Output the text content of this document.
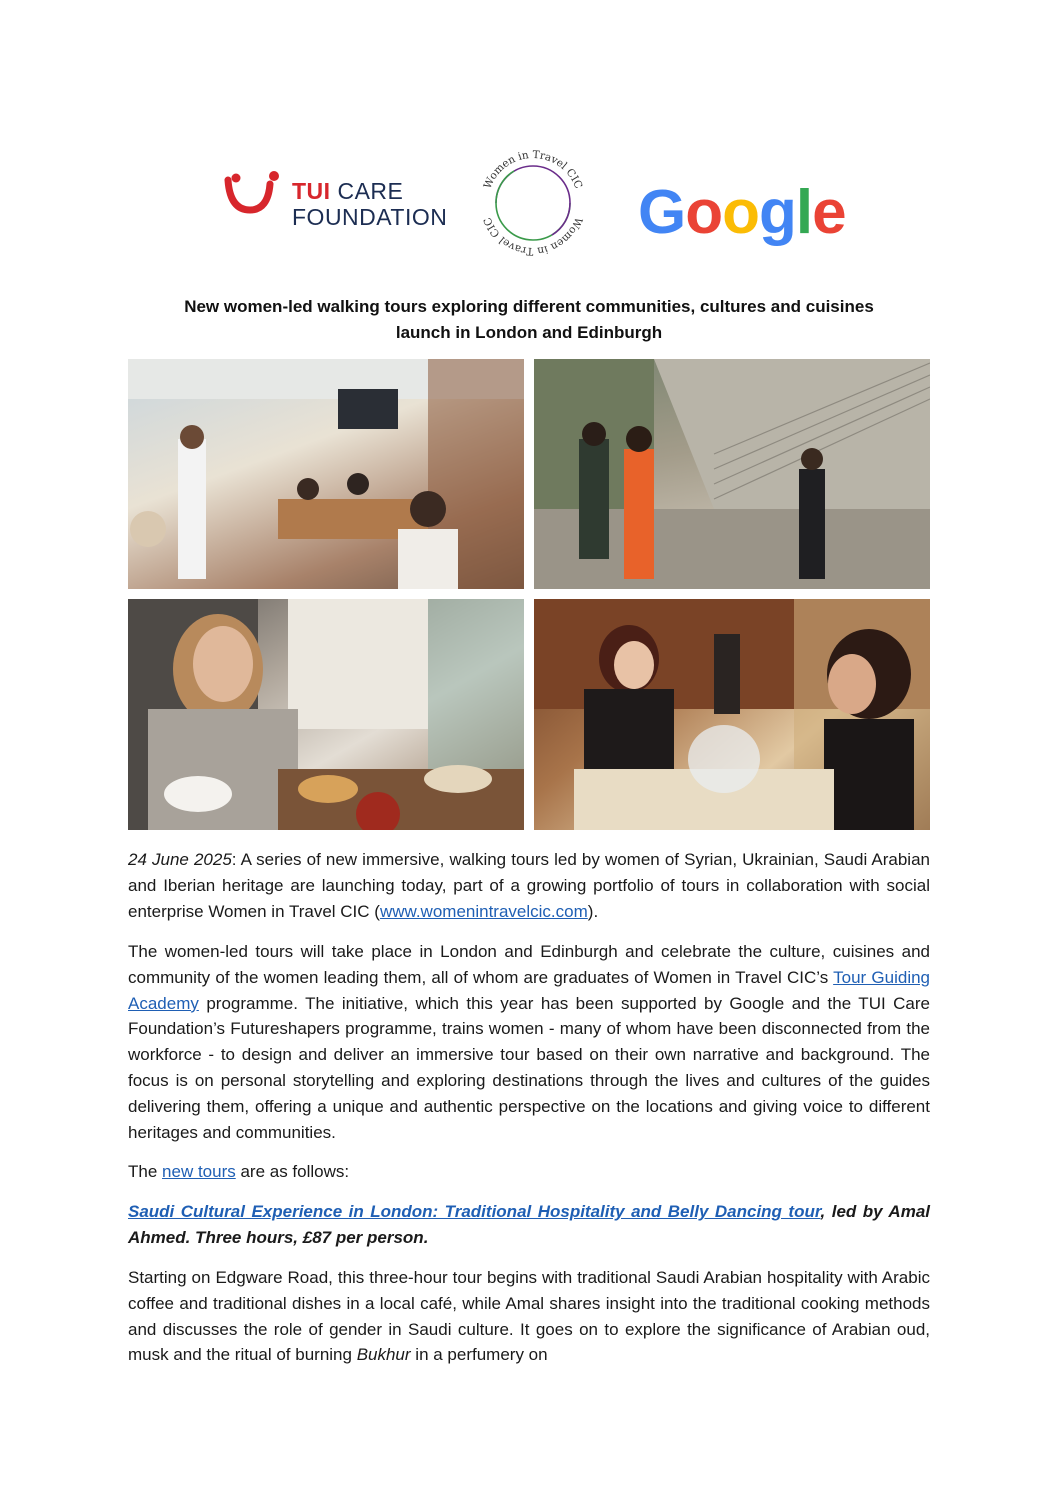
TUI CARE
FOUNDATION
Women in Travel CIC
Women in Travel CIC	Google
New women-led walking tours exploring different communities, cultures and cuisines
launch in London and Edinburgh
24 June 2025: A series of new immersive, walking tours led by women of Syrian, Ukrainian, Saudi Arabian and Iberian heritage are launching today, part of a growing portfolio of tours in collaboration with social enterprise Women in Travel CIC (www.womenintravelcic.com).
The women-led tours will take place in London and Edinburgh and celebrate the culture, cuisines and community of the women leading them, all of whom are graduates of Women in Travel CIC’s Tour Guiding Academy programme. The initiative, which this year has been supported by Google and the TUI Care Foundation’s Futureshapers programme, trains women - many of whom have been disconnected from the workforce - to design and deliver an immersive tour based on their own narrative and background. The focus is on personal storytelling and exploring destinations through the lives and cultures of the guides delivering them, offering a unique and authentic perspective on the locations and giving voice to different heritages and communities.
The new tours are as follows:
Saudi Cultural Experience in London: Traditional Hospitality and Belly Dancing tour, led by Amal Ahmed. Three hours, £87 per person.
Starting on Edgware Road, this three-hour tour begins with traditional Saudi Arabian hospitality with Arabic coffee and traditional dishes in a local café, while Amal shares insight into the traditional cooking methods and discusses the role of gender in Saudi culture. It goes on to explore the significance of Arabian oud, musk and the ritual of burning Bukhur in a perfumery on
